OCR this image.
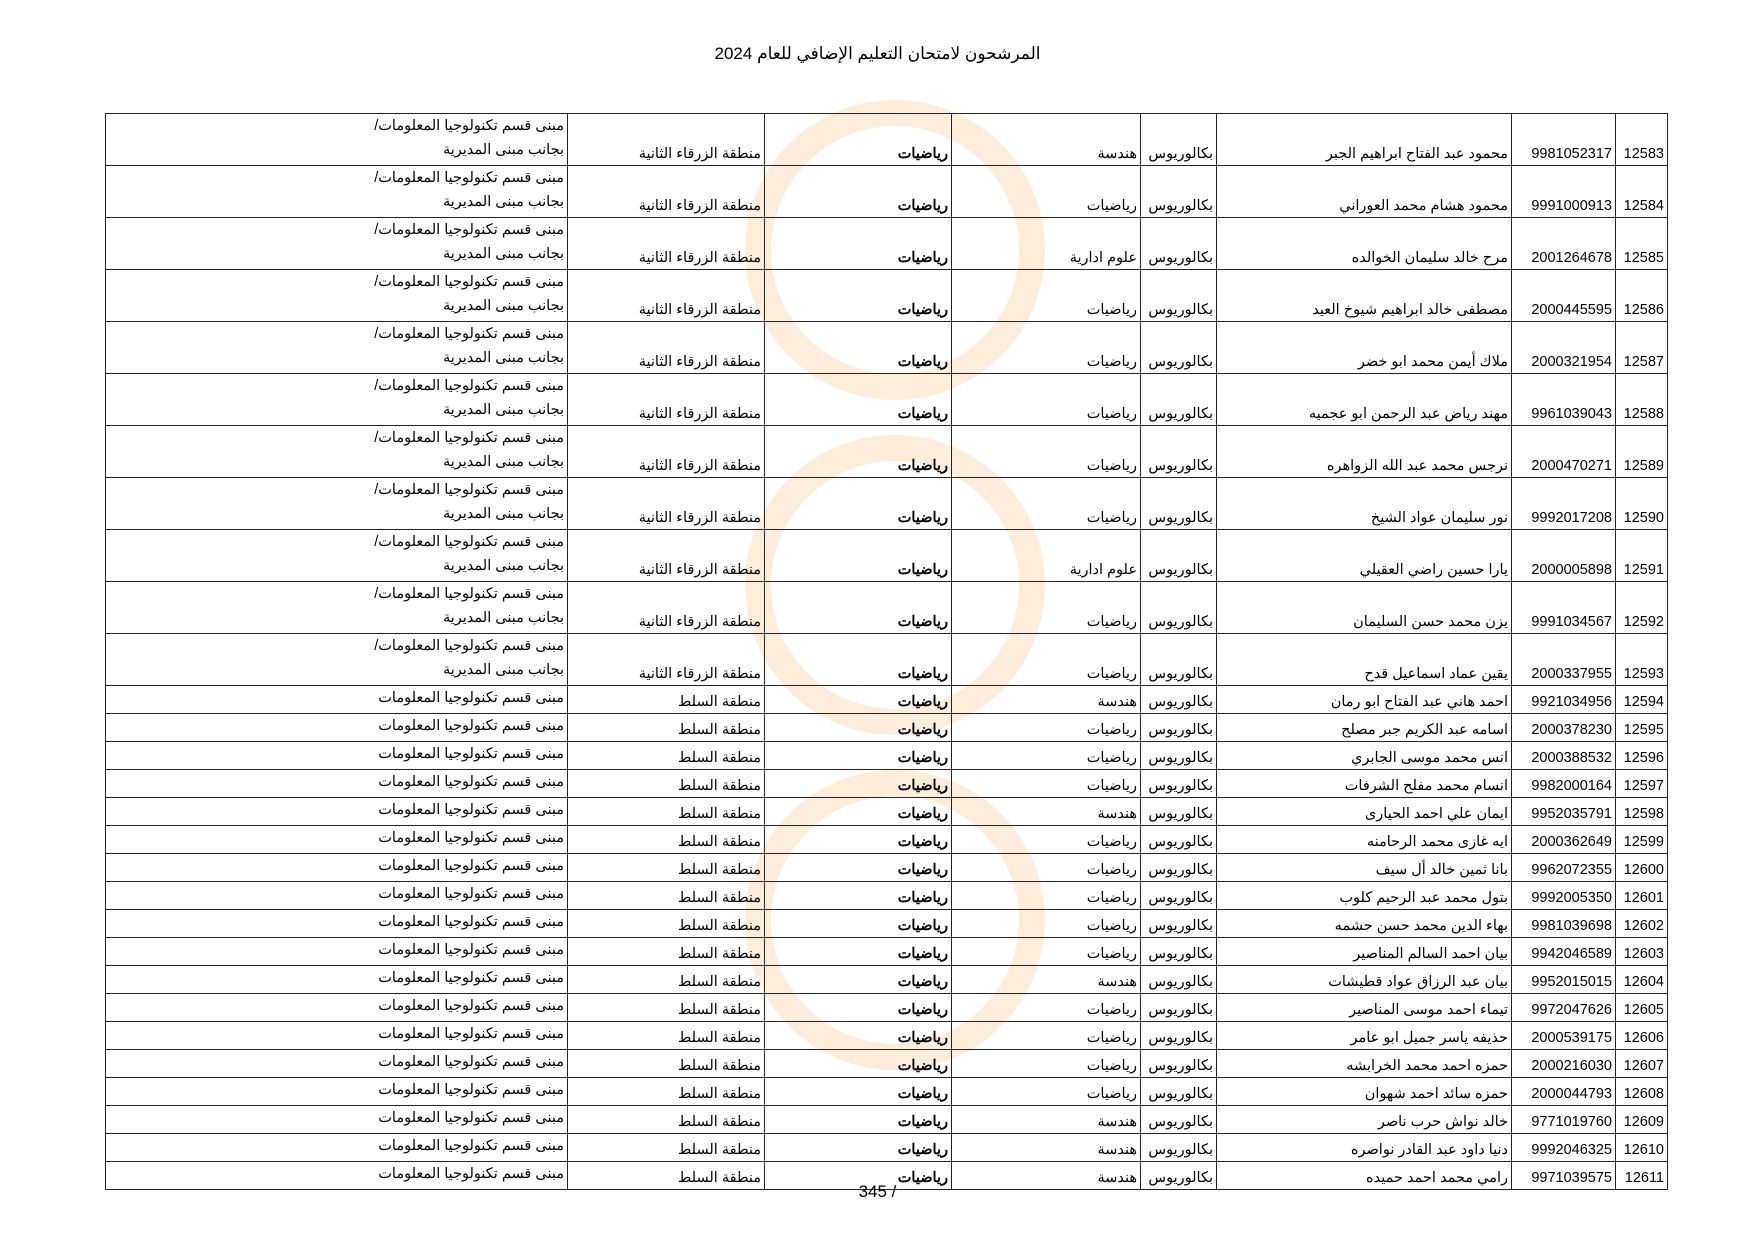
المرشحون لامتحان التعليم الإضافي للعام 2024
12583	9981052317	محمود عبد الفتاح ابراهيم الجبر	بكالوريوس	هندسة	رياضيات	منطقة الزرقاء الثانية	مبنى قسم تكنولوجيا المعلومات/
بجانب مبنى المديرية

12584	9991000913	محمود هشام محمد العوراني	بكالوريوس	رياضيات	رياضيات	منطقة الزرقاء الثانية	مبنى قسم تكنولوجيا المعلومات/
بجانب مبنى المديرية

12585	2001264678	مرح خالد سليمان الخوالده	بكالوريوس	علوم ادارية	رياضيات	منطقة الزرقاء الثانية	مبنى قسم تكنولوجيا المعلومات/
بجانب مبنى المديرية

12586	2000445595	مصطفى خالد ابراهيم شيوخ العيد	بكالوريوس	رياضيات	رياضيات	منطقة الزرقاء الثانية	مبنى قسم تكنولوجيا المعلومات/
بجانب مبنى المديرية

12587	2000321954	ملاك أيمن محمد ابو خضر	بكالوريوس	رياضيات	رياضيات	منطقة الزرقاء الثانية	مبنى قسم تكنولوجيا المعلومات/
بجانب مبنى المديرية

12588	9961039043	مهند رياض عبد الرحمن ابو عجميه	بكالوريوس	رياضيات	رياضيات	منطقة الزرقاء الثانية	مبنى قسم تكنولوجيا المعلومات/
بجانب مبنى المديرية

12589	2000470271	نرجس محمد عبد الله الزواهره	بكالوريوس	رياضيات	رياضيات	منطقة الزرقاء الثانية	مبنى قسم تكنولوجيا المعلومات/
بجانب مبنى المديرية

12590	9992017208	نور سليمان عواد الشيخ	بكالوريوس	رياضيات	رياضيات	منطقة الزرقاء الثانية	مبنى قسم تكنولوجيا المعلومات/
بجانب مبنى المديرية

12591	2000005898	يارا حسين راضي العقيلي	بكالوريوس	علوم ادارية	رياضيات	منطقة الزرقاء الثانية	مبنى قسم تكنولوجيا المعلومات/
بجانب مبنى المديرية

12592	9991034567	يزن محمد حسن السليمان	بكالوريوس	رياضيات	رياضيات	منطقة الزرقاء الثانية	مبنى قسم تكنولوجيا المعلومات/
بجانب مبنى المديرية

12593	2000337955	يقين عماد اسماعيل قدح	بكالوريوس	رياضيات	رياضيات	منطقة الزرقاء الثانية	مبنى قسم تكنولوجيا المعلومات/
بجانب مبنى المديرية

12594	9921034956	احمد هاني عبد الفتاح ابو رمان	بكالوريوس	هندسة	رياضيات	منطقة السلط	مبنى قسم تكنولوجيا المعلومات

12595	2000378230	اسامه عبد الكريم جبر مصلح	بكالوريوس	رياضيات	رياضيات	منطقة السلط	مبنى قسم تكنولوجيا المعلومات

12596	2000388532	انس محمد موسى الجابري	بكالوريوس	رياضيات	رياضيات	منطقة السلط	مبنى قسم تكنولوجيا المعلومات

12597	9982000164	انسام محمد مفلح الشرفات	بكالوريوس	رياضيات	رياضيات	منطقة السلط	مبنى قسم تكنولوجيا المعلومات

12598	9952035791	ايمان علي احمد الحيارى	بكالوريوس	هندسة	رياضيات	منطقة السلط	مبنى قسم تكنولوجيا المعلومات

12599	2000362649	ايه غازى محمد الرحامنه	بكالوريوس	رياضيات	رياضيات	منطقة السلط	مبنى قسم تكنولوجيا المعلومات

12600	9962072355	بانا ثمين خالد أل سيف	بكالوريوس	رياضيات	رياضيات	منطقة السلط	مبنى قسم تكنولوجيا المعلومات

12601	9992005350	بتول محمد عبد الرحيم كلوب	بكالوريوس	رياضيات	رياضيات	منطقة السلط	مبنى قسم تكنولوجيا المعلومات

12602	9981039698	بهاء الدين محمد حسن حشمه	بكالوريوس	رياضيات	رياضيات	منطقة السلط	مبنى قسم تكنولوجيا المعلومات

12603	9942046589	بيان احمد السالم المناصير	بكالوريوس	رياضيات	رياضيات	منطقة السلط	مبنى قسم تكنولوجيا المعلومات

12604	9952015015	بيان عبد الرزاق عواد قطيشات	بكالوريوس	هندسة	رياضيات	منطقة السلط	مبنى قسم تكنولوجيا المعلومات

12605	9972047626	تيماء احمد موسى المناصير	بكالوريوس	رياضيات	رياضيات	منطقة السلط	مبنى قسم تكنولوجيا المعلومات

12606	2000539175	حذيفه ياسر جميل ابو عامر	بكالوريوس	رياضيات	رياضيات	منطقة السلط	مبنى قسم تكنولوجيا المعلومات

12607	2000216030	حمزه احمد محمد الخرابشه	بكالوريوس	رياضيات	رياضيات	منطقة السلط	مبنى قسم تكنولوجيا المعلومات

12608	2000044793	حمزه سائد احمد شهوان	بكالوريوس	رياضيات	رياضيات	منطقة السلط	مبنى قسم تكنولوجيا المعلومات

12609	9771019760	خالد نواش حرب ناصر	بكالوريوس	هندسة	رياضيات	منطقة السلط	مبنى قسم تكنولوجيا المعلومات

12610	9992046325	دنيا داود عبد القادر نواصره	بكالوريوس	هندسة	رياضيات	منطقة السلط	مبنى قسم تكنولوجيا المعلومات

12611	9971039575	رامي محمد احمد حميده	بكالوريوس	هندسة	رياضيات	منطقة السلط	مبنى قسم تكنولوجيا المعلومات
345 /
